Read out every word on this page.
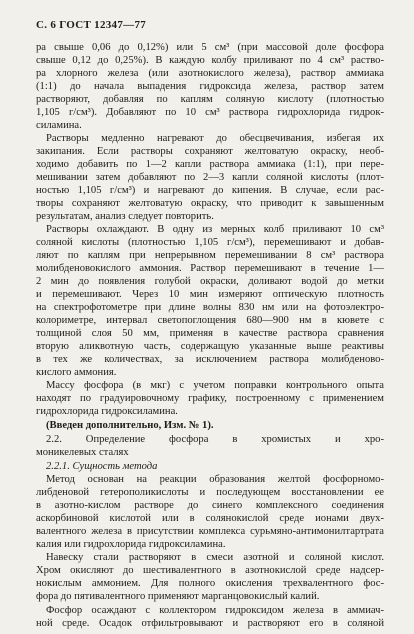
С. 6 ГОСТ 12347—77
ра свыше 0,06 до 0,12%) или 5 см³ (при массовой доле фосфора
свыше 0,12 до 0,25%). В каждую колбу приливают по 4 см³ раство-
ра хлорного железа (или азотнокислого железа), раствор аммиака
(1:1) до начала выпадения гидроксида железа, раствор затем
растворяют, добавляя по каплям соляную кислоту (плотностью
1,105 г/см³). Добавляют по 10 см³ раствора гидрохлорида гидрок-
силамина.
Растворы медленно нагревают до обесцвечивания, избегая их
закипания. Если растворы сохраняют желтоватую окраску, необ-
ходимо добавить по 1—2 капли раствора аммиака (1:1), при пере-
мешивании затем добавляют по 2—3 капли соляной кислоты (плот-
ностью 1,105 г/см³) и нагревают до кипения. В случае, если рас-
творы сохраняют желтоватую окраску, что приводит к завышенным
результатам, анализ следует повторить.
Растворы охлаждают. В одну из мерных колб приливают 10 см³
соляной кислоты (плотностью 1,105 г/см³), перемешивают и добав-
ляют по каплям при непрерывном перемешивании 8 см³ раствора
молибденовокислого аммония. Раствор перемешивают в течение 1—
2 мин до появления голубой окраски, доливают водой до метки
и перемешивают. Через 10 мин измеряют оптическую плотность
на спектрофотометре при длине волны 830 нм или на фотоэлектро-
колориметре, интервал светопоглощения 680—900 нм в кювете с
толщиной слоя 50 мм, применяя в качестве раствора сравнения
вторую аликвотную часть, содержащую указанные выше реактивы
в тех же количествах, за исключением раствора молибденово-
кислого аммония.
Массу фосфора (в мкг) с учетом поправки контрольного опыта
находят по градуировочному графику, построенному с применением
гидрохлорида гидроксиламина.
(Введен дополнительно, Изм. № 1).
2.2. Определение фосфора в хромистых и хро-
моникелевых сталях
2.2.1. Сущность метода
Метод основан на реакции образования желтой фосфорномо-
либденовой гетерополикислоты и последующем восстановлении ее
в азотно-кислом растворе до синего комплексного соединения
аскорбиновой кислотой или в солянокислой среде ионами двух-
валентного железа в присутствии комплекса сурьмяно-антимонилтартрата
калия или гидрохлорида гидроксиламина.
Навеску стали растворяют в смеси азотной и соляной кислот.
Хром окисляют до шестивалентного в азотнокислой среде надсер-
нокислым аммонием. Для полного окисления трехвалентного фос-
фора до пятивалентного применяют марганцовокислый калий.
Фосфор осаждают с коллектором гидроксидом железа в аммиач-
ной среде. Осадок отфильтровывают и растворяют его в соляной
